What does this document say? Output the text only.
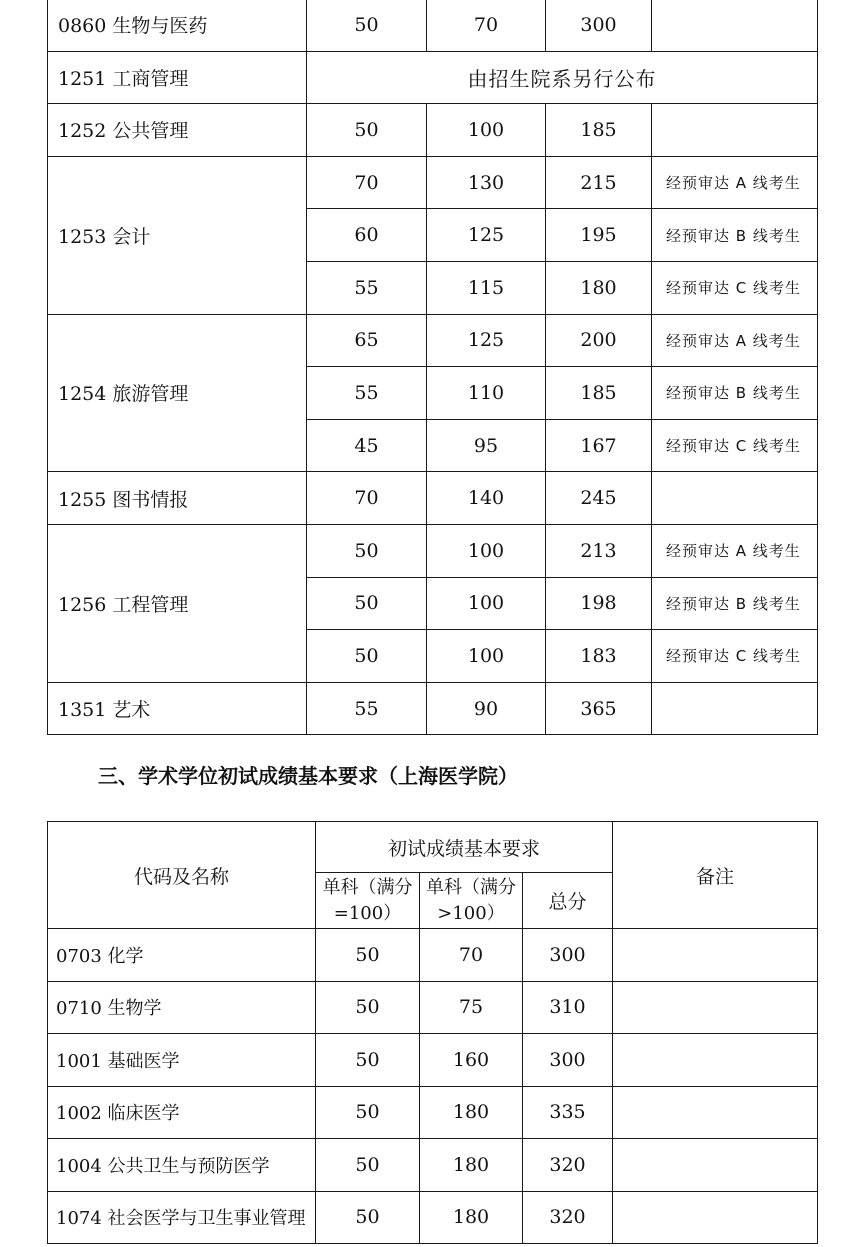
0860 生物与医药	50	70	300	
1251 工商管理	由招生院系另行公布			
1252 公共管理	50	100	185	
1253 会计	70	130	215	经预审达 A 线考生
	60	125	195	经预审达 B 线考生
	55	115	180	经预审达 C 线考生
1254 旅游管理	65	125	200	经预审达 A 线考生
	55	110	185	经预审达 B 线考生
	45	95	167	经预审达 C 线考生
1255 图书情报	70	140	245	
1256 工程管理	50	100	213	经预审达 A 线考生
	50	100	198	经预审达 B 线考生
	50	100	183	经预审达 C 线考生
1351 艺术	55	90	365	
三、学术学位初试成绩基本要求（上海医学院）
代码及名称	初试成绩基本要求			备注
	单科（满分=100）	单科（满分>100）	总分	
0703 化学	50	70	300	
0710 生物学	50	75	310	
1001 基础医学	50	160	300	
1002 临床医学	50	180	335	
1004 公共卫生与预防医学	50	180	320	
1074 社会医学与卫生事业管理	50	180	320	
